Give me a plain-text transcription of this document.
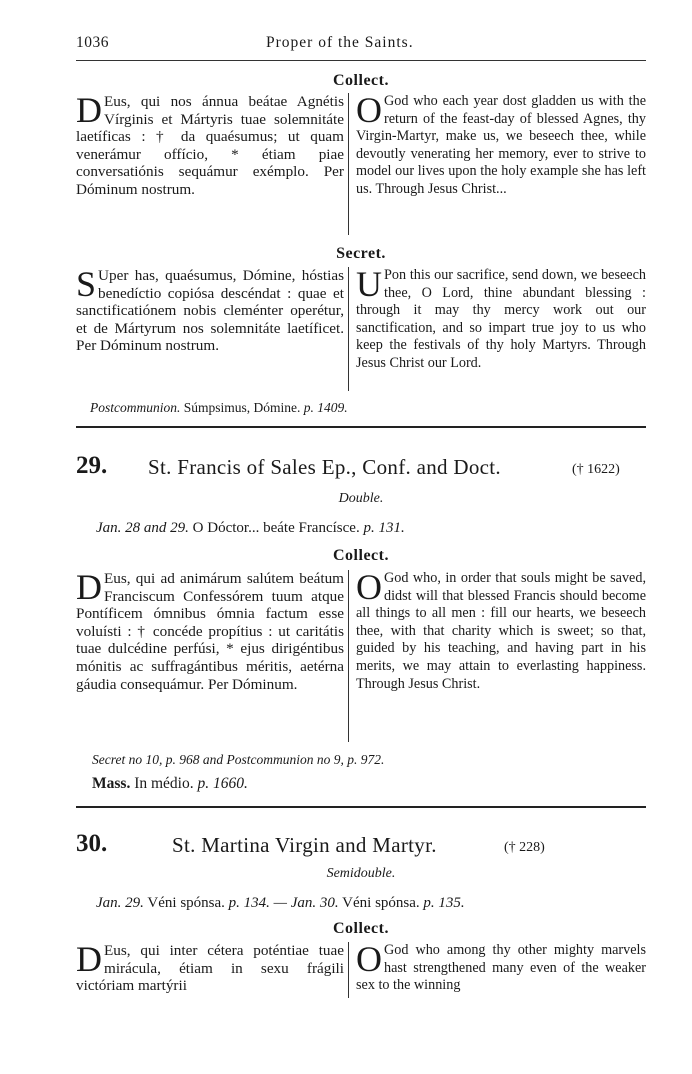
1036	Proper of the Saints.
Collect.
D Eus, qui nos ánnua beátae Agnétis Vírginis et Mártyris tuae solemnitáte laetíficas : † da quaésumus; ut quam venerámur offício, * étiam piae conversatiónis sequámur exémplo. Per Dóminum nostrum.
O God who each year dost gladden us with the return of the feast-day of blessed Agnes, thy Virgin-Martyr, make us, we beseech thee, while devoutly venerating her memory, ever to strive to model our lives upon the holy example she has left us. Through Jesus Christ...
Secret.
S Uper has, quaésumus, Dómine, hóstias benedíctio copiósa descéndat : quae et sanctificatiónem nobis cleménter operétur, et de Mártyrum nos solemnitáte laetíficet. Per Dóminum nostrum.
U Pon this our sacrifice, send down, we beseech thee, O Lord, thine abundant blessing : through it may thy mercy work out our sanctification, and so impart true joy to us who keep the festivals of thy holy Martyrs. Through Jesus Christ our Lord.
Postcommunion. Súmpsimus, Dómine. p. 1409.
29. St. Francis of Sales Ep., Conf. and Doct.	(† 1622)
Double.
Jan. 28 and 29. O Dóctor... beáte Francísce. p. 131.
Collect.
D Eus, qui ad animárum salútem beátum Franciscum Confessórem tuum atque Pontíficem ómnibus ómnia factum esse voluísti : † concéde propítius : ut caritátis tuae dulcédine perfúsi, * ejus dirigéntibus mónitis ac suffragántibus méritis, aetérna gáudia consequámur. Per Dóminum.
O God who, in order that souls might be saved, didst will that blessed Francis should become all things to all men : fill our hearts, we beseech thee, with that charity which is sweet; so that, guided by his teaching, and having part in his merits, we may attain to everlasting happiness. Through Jesus Christ.
Secret no 10, p. 968 and Postcommunion no 9, p. 972.
Mass. In médio. p. 1660.
30.	St. Martina Virgin and Martyr.	(† 228)
Semidouble.
Jan. 29. Véni spónsa. p. 134. — Jan. 30. Véni spónsa. p. 135.
Collect.
D Eus, qui inter cétera poténtiae tuae mirácula, étiam in sexu frágili victóriam martýrii
O God who among thy other mighty marvels hast strengthened many even of the weaker sex to the winning
